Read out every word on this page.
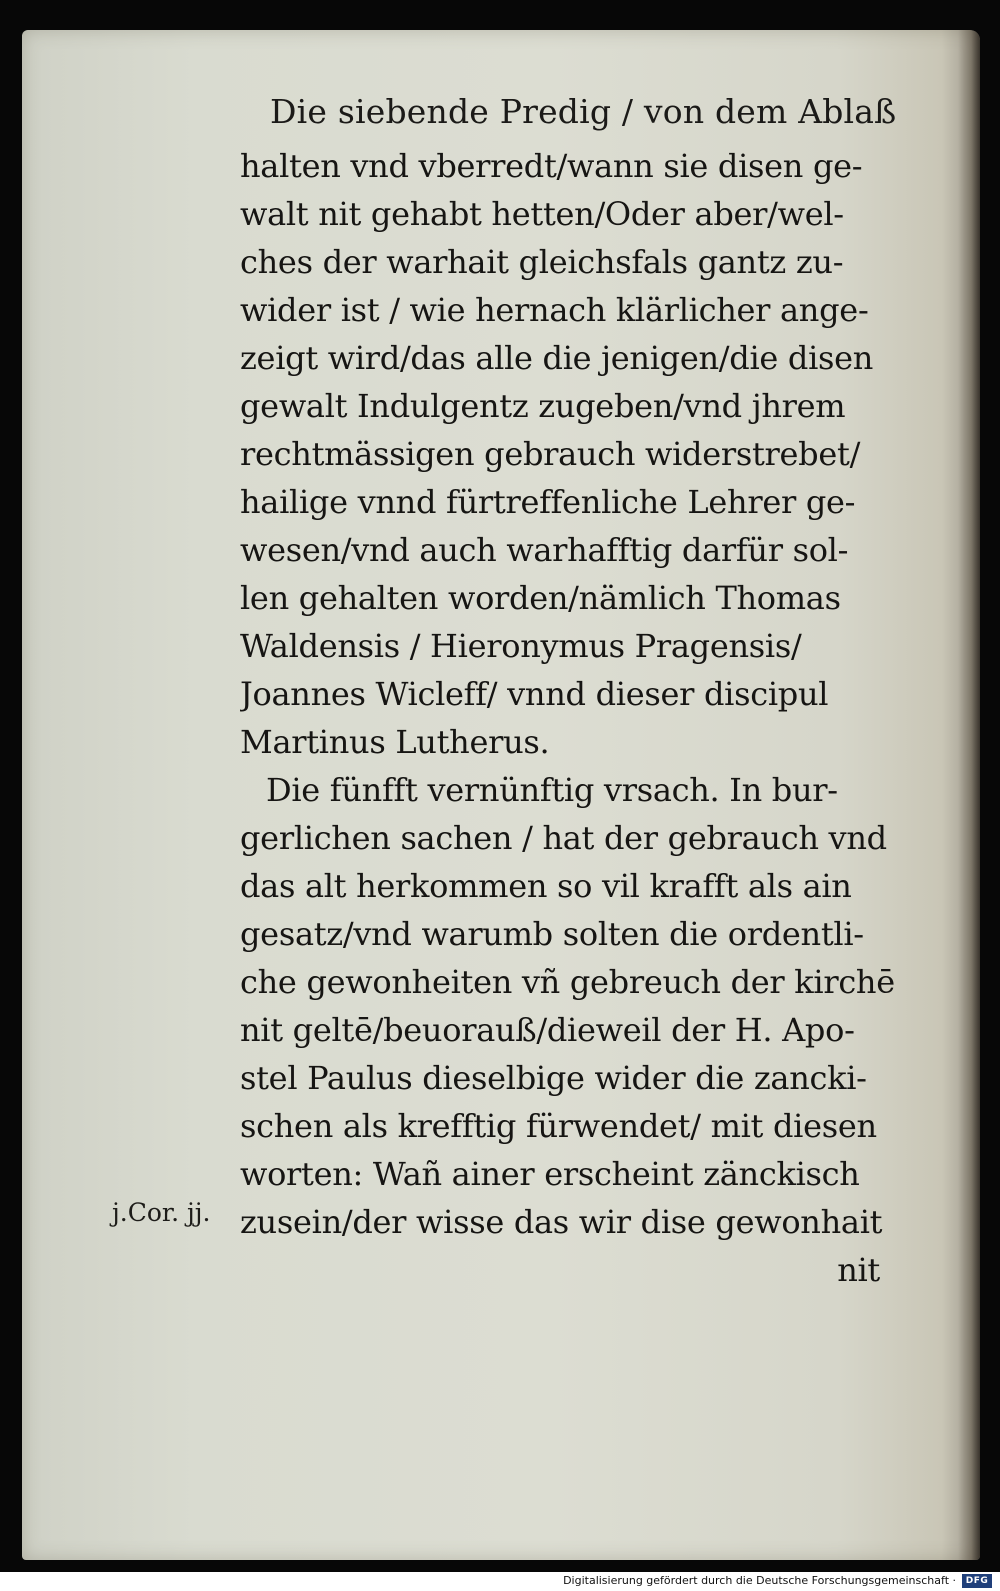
Die siebende Predig / von dem Ablaß
halten vnd vberredt/wann sie disen ge-
walt nit gehabt hetten/Oder aber/wel-
ches der warhait gleichsfals gantz zu-
wider ist / wie hernach klärlicher ange-
zeigt wird/das alle die jenigen/die disen
gewalt Indulgentz zugeben/vnd jhrem
rechtmässigen gebrauch widerstrebet/
hailige vnnd fürtreffenliche Lehrer ge-
wesen/vnd auch warhafftig darfür sol-
len gehalten worden/nämlich Thomas
Waldensis / Hieronymus Pragensis/
Joannes Wicleff/ vnnd dieser discipul
Martinus Lutherus.
Die fünfft vernünftig vrsach. In bur-
gerlichen sachen / hat der gebrauch vnd
das alt herkommen so vil krafft als ain
gesatz/vnd warumb solten die ordentli-
che gewonheiten vñ gebreuch der kirchē
nit geltē/beuorauß/dieweil der H. Apo-
stel Paulus dieselbige wider die zancki-
schen als krefftig fürwendet/ mit diesen
worten: Wañ ainer erscheint zänckisch
zusein/der wisse das wir dise gewonhait
nit
j.Cor. jj.
Digitalisierung gefördert durch die Deutsche Forschungsgemeinschaft ·	DFG
